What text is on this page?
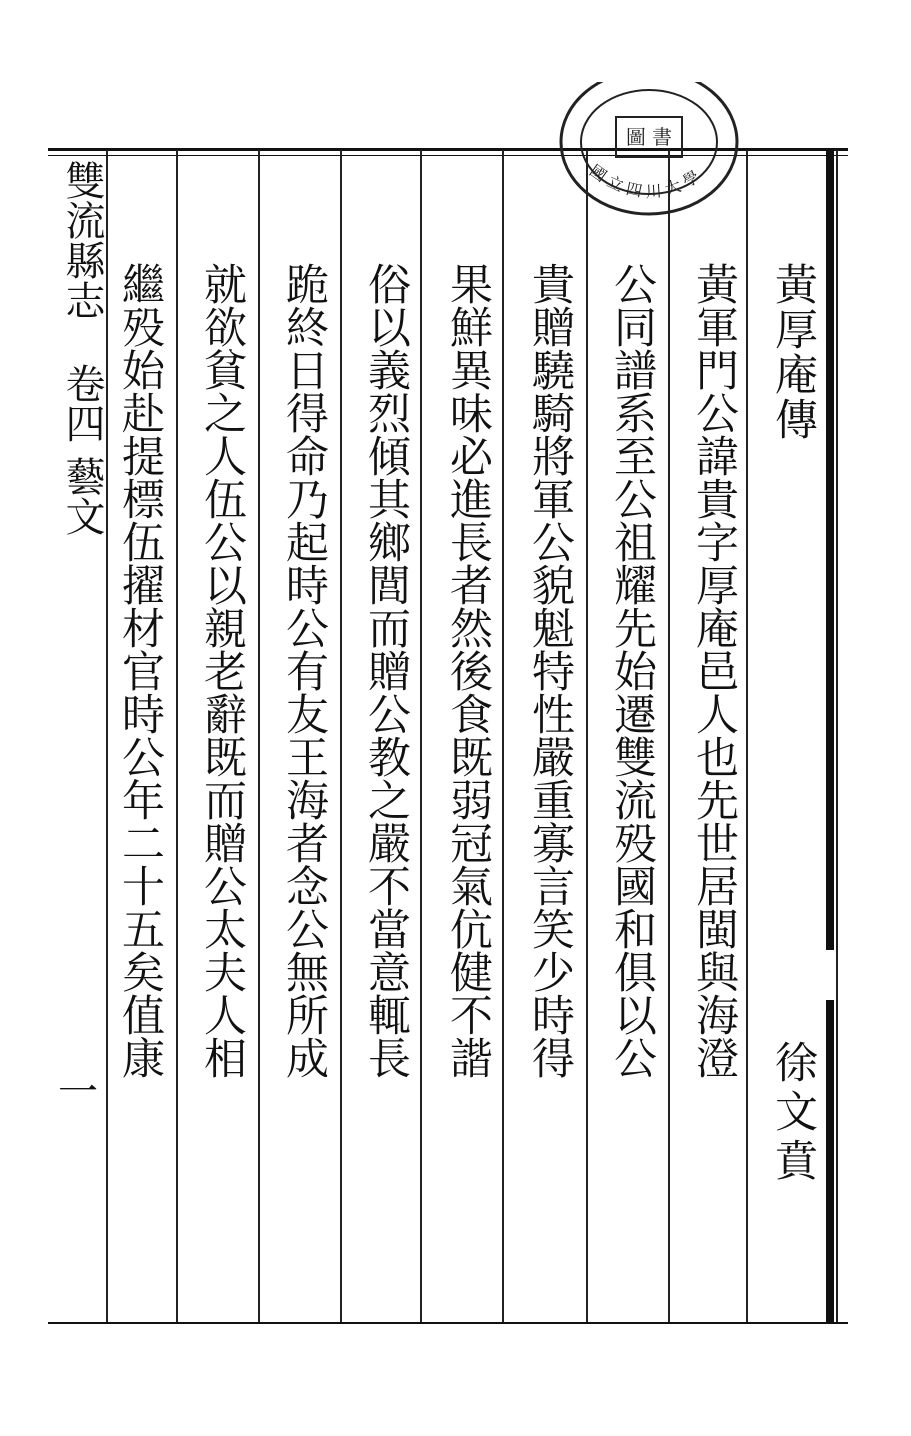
圖 書
國 立 四 川 大 學
雙流縣志 卷四 藝文
一
黃厚庵傳
徐文賁
黃軍門公諱貴字厚庵邑人也先世居閩與海澄
公同譜系至公祖耀先始遷雙流殁國和俱以公
貴贈驍騎將軍公貌魁特性嚴重寡言笑少時得
果鮮異味必進長者然後食既弱冠氣伉健不諧
俗以義烈傾其鄉閭而贈公教之嚴不當意輒長
跪終日得命乃起時公有友王海者念公無所成
就欲貧之人伍公以親老辭既而贈公太夫人相
繼殁始赴提標伍擢材官時公年二十五矣值康
